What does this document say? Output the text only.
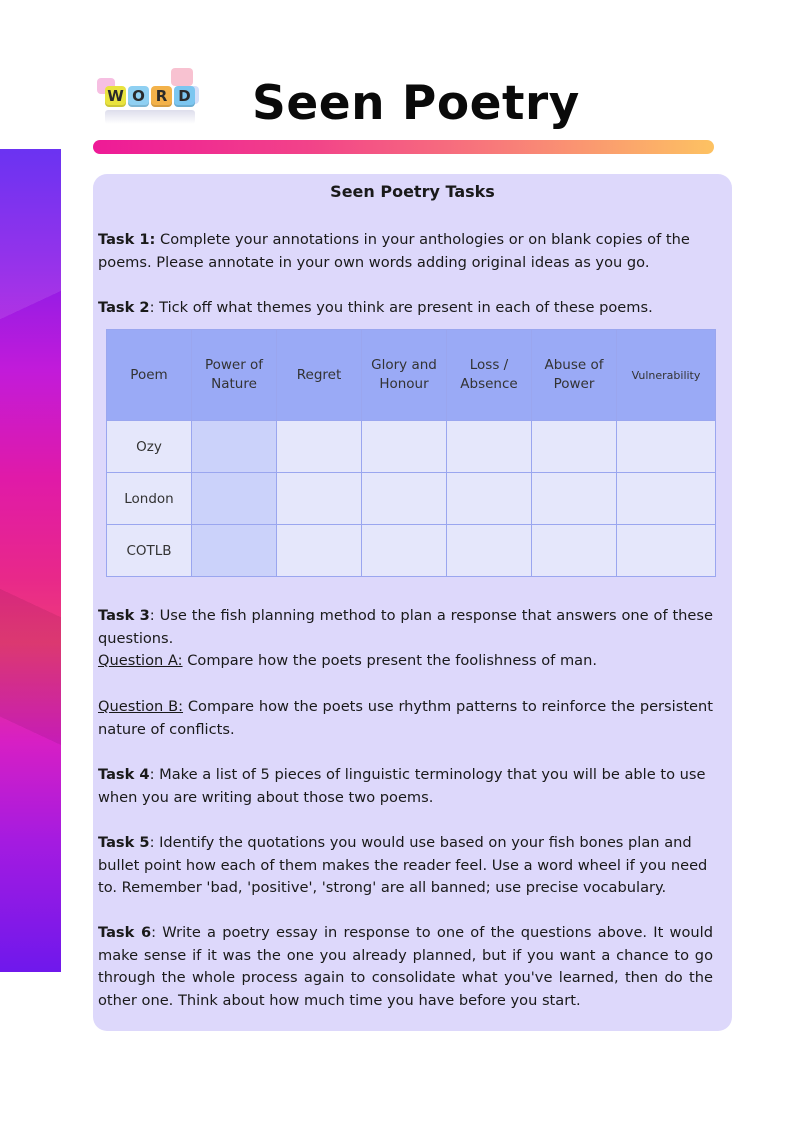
W O R D Seen Poetry

Seen Poetry Tasks

Task 1: Complete your annotations in your anthologies or on blank copies of the poems. Please annotate in your own words adding original ideas as you go.

Task 2: Tick off what themes you think are present in each of these poems.

Poem	Power of Nature	Regret	Glory and Honour	Loss / Absence	Abuse of Power	Vulnerability
Ozy						
London						
COTLB						

Task 3: Use the fish planning method to plan a response that answers one of these questions.

Question A: Compare how the poets present the foolishness of man.

Question B: Compare how the poets use rhythm patterns to reinforce the persistent nature of conflicts.

Task 4: Make a list of 5 pieces of linguistic terminology that you will be able to use when you are writing about those two poems.

Task 5: Identify the quotations you would use based on your fish bones plan and bullet point how each of them makes the reader feel. Use a word wheel if you need to. Remember 'bad, 'positive', 'strong' are all banned; use precise vocabulary.

Task 6: Write a poetry essay in response to one of the questions above. It would make sense if it was the one you already planned, but if you want a chance to go through the whole process again to consolidate what you've learned, then do the other one. Think about how much time you have before you start.
